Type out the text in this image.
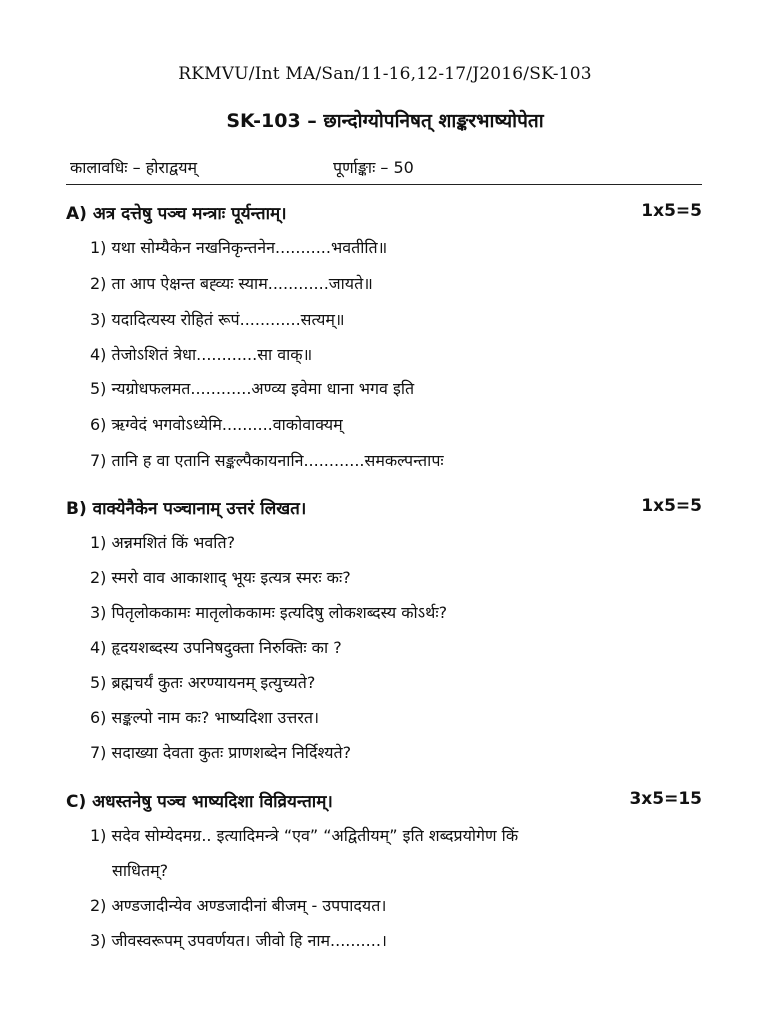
RKMVU/Int MA/San/11-16,12-17/J2016/SK-103
SK-103 – छान्दोग्योपनिषत् शाङ्करभाष्योपेता
कालावधिः – होराद्वयम्	पूर्णाङ्काः – 50
A) अत्र दत्तेषु पञ्च मन्त्राः पूर्यन्ताम्।	1x5=5
1) यथा सोम्यैकेन नखनिकृन्तनेन...........भवतीति॥
2) ता आप ऐक्षन्त बह्व्यः स्याम............जायते॥
3) यदादित्यस्य रोहितं रूपं............सत्यम्॥
4) तेजोऽशितं त्रेधा............सा वाक्॥
5) न्यग्रोधफलमत............अण्व्य इवेमा धाना भगव इति
6) ऋग्वेदं भगवोऽध्येमि..........वाकोवाक्यम्
7) तानि ह वा एतानि सङ्कल्पैकायनानि............समकल्पन्तापः
B) वाक्येनैकेन पञ्चानाम् उत्तरं लिखत।	1x5=5
1) अन्नमशितं किं भवति?
2) स्मरो वाव आकाशाद् भूयः इत्यत्र स्मरः कः?
3) पितृलोककामः मातृलोककामः इत्यदिषु लोकशब्दस्य कोऽर्थः?
4) हृदयशब्दस्य उपनिषदुक्ता निरुक्तिः का ?
5) ब्रह्मचर्यं कुतः अरण्यायनम् इत्युच्यते?
6) सङ्कल्पो नाम कः? भाष्यदिशा उत्तरत।
7) सदाख्या देवता कुतः प्राणशब्देन निर्दिश्यते?
C) अधस्तनेषु पञ्च भाष्यदिशा विव्रियन्ताम्।	3x5=15
1) सदेव सोम्येदमग्र.. इत्यादिमन्त्रे “एव” “अद्वितीयम्” इति शब्दप्रयोगेण किं
साधितम्?
2) अण्डजादीन्येव अण्डजादीनां बीजम् - उपपादयत।
3) जीवस्वरूपम् उपवर्णयत। जीवो हि नाम..........।
